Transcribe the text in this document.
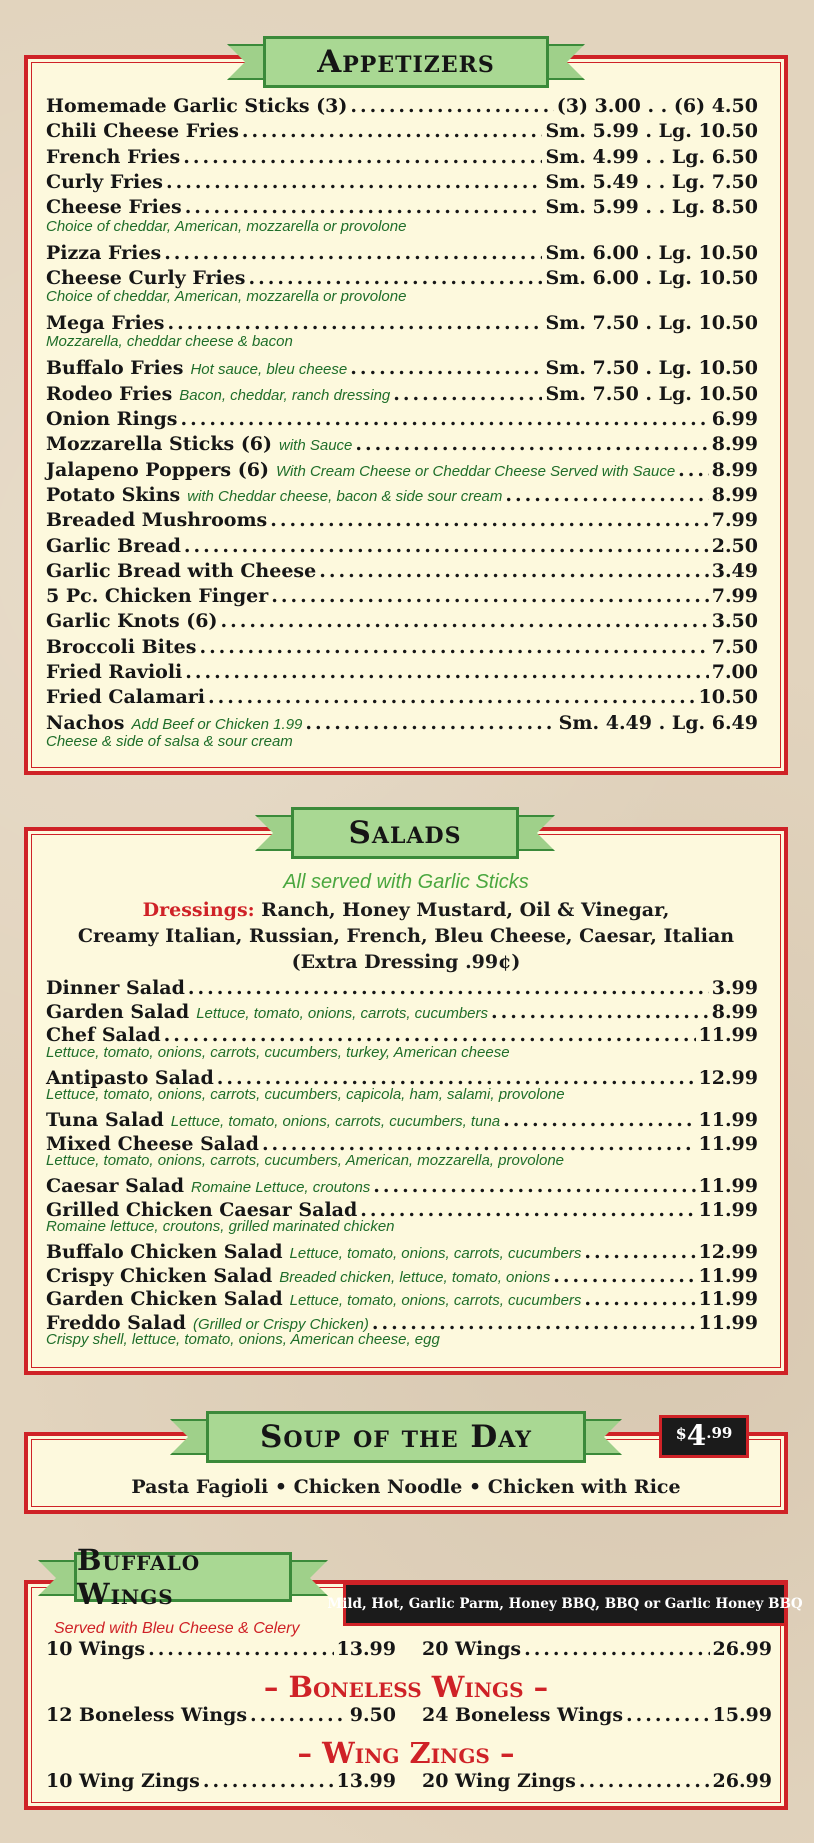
Homemade Garlic Sticks (3) .....	(3) 3.00 . . (6) 4.50
Chili Cheese Fries .....	Sm. 5.99 . Lg. 10.50
French Fries .....	Sm. 4.99 . . Lg. 6.50
Curly Fries .....	Sm. 5.49 . . Lg. 7.50
Cheese Fries .....	Sm. 5.99 . . Lg. 8.50
Choice of cheddar, American, mozzarella or provolone
Pizza Fries .....	Sm. 6.00 . Lg. 10.50
Cheese Curly Fries .....	Sm. 6.00 . Lg. 10.50
Choice of cheddar, American, mozzarella or provolone
Mega Fries .....	Sm. 7.50 . Lg. 10.50
Mozzarella, cheddar cheese & bacon
Buffalo Fries Hot sauce, bleu cheese .....	Sm. 7.50 . Lg. 10.50
Rodeo Fries Bacon, cheddar, ranch dressing .....	Sm. 7.50 . Lg. 10.50
Onion Rings .....	6.99
Mozzarella Sticks (6) with Sauce .....	8.99
Jalapeno Poppers (6) With Cream Cheese or Cheddar Cheese Served with Sauce ..... 8.99
Potato Skins with Cheddar cheese, bacon & side sour cream .....	8.99
Breaded Mushrooms .....	7.99
Garlic Bread .....	2.50
Garlic Bread with Cheese .....	3.49
5 Pc. Chicken Finger .....	7.99
Garlic Knots (6) .....	3.50
Broccoli Bites .....	7.50
Fried Ravioli .....	7.00
Fried Calamari .....	10.50
Nachos Add Beef or Chicken 1.99 .....	Sm. 4.49 . Lg. 6.49
Cheese & side of salsa & sour cream
Appetizers
All served with Garlic Sticks
Dressings: Ranch, Honey Mustard, Oil & Vinegar,
Creamy Italian, Russian, French, Bleu Cheese, Caesar, Italian
(Extra Dressing .99¢)
Dinner Salad .....	3.99
Garden Salad Lettuce, tomato, onions, carrots, cucumbers .....	8.99
Chef Salad .....	11.99
Lettuce, tomato, onions, carrots, cucumbers, turkey, American cheese
Antipasto Salad .....	12.99
Lettuce, tomato, onions, carrots, cucumbers, capicola, ham, salami, provolone
Tuna Salad Lettuce, tomato, onions, carrots, cucumbers, tuna .....	11.99
Mixed Cheese Salad .....	11.99
Lettuce, tomato, onions, carrots, cucumbers, American, mozzarella, provolone
Caesar Salad Romaine Lettuce, croutons .....	11.99
Grilled Chicken Caesar Salad .....	11.99
Romaine lettuce, croutons, grilled marinated chicken
Buffalo Chicken Salad Lettuce, tomato, onions, carrots, cucumbers .....	12.99
Crispy Chicken Salad Breaded chicken, lettuce, tomato, onions .....	11.99
Garden Chicken Salad Lettuce, tomato, onions, carrots, cucumbers .....	11.99
Freddo Salad (Grilled or Crispy Chicken) .....	11.99
Crispy shell, lettuce, tomato, onions, American cheese, egg
Salads
Pasta Fagioli • Chicken Noodle • Chicken with Rice
Soup of the Day	$ 4 .99
Served with Bleu Cheese & Celery
10 Wings .....	13.99 20 Wings .....	26.99
– Boneless Wings –
12 Boneless Wings .....	9.50 24 Boneless Wings .....	15.99
– Wing Zings –
10 Wing Zings .....	13.99 20 Wing Zings .....	26.99
Buffalo Wings	Mild, Hot, Garlic Parm, Honey BBQ, BBQ or Garlic Honey BBQ
